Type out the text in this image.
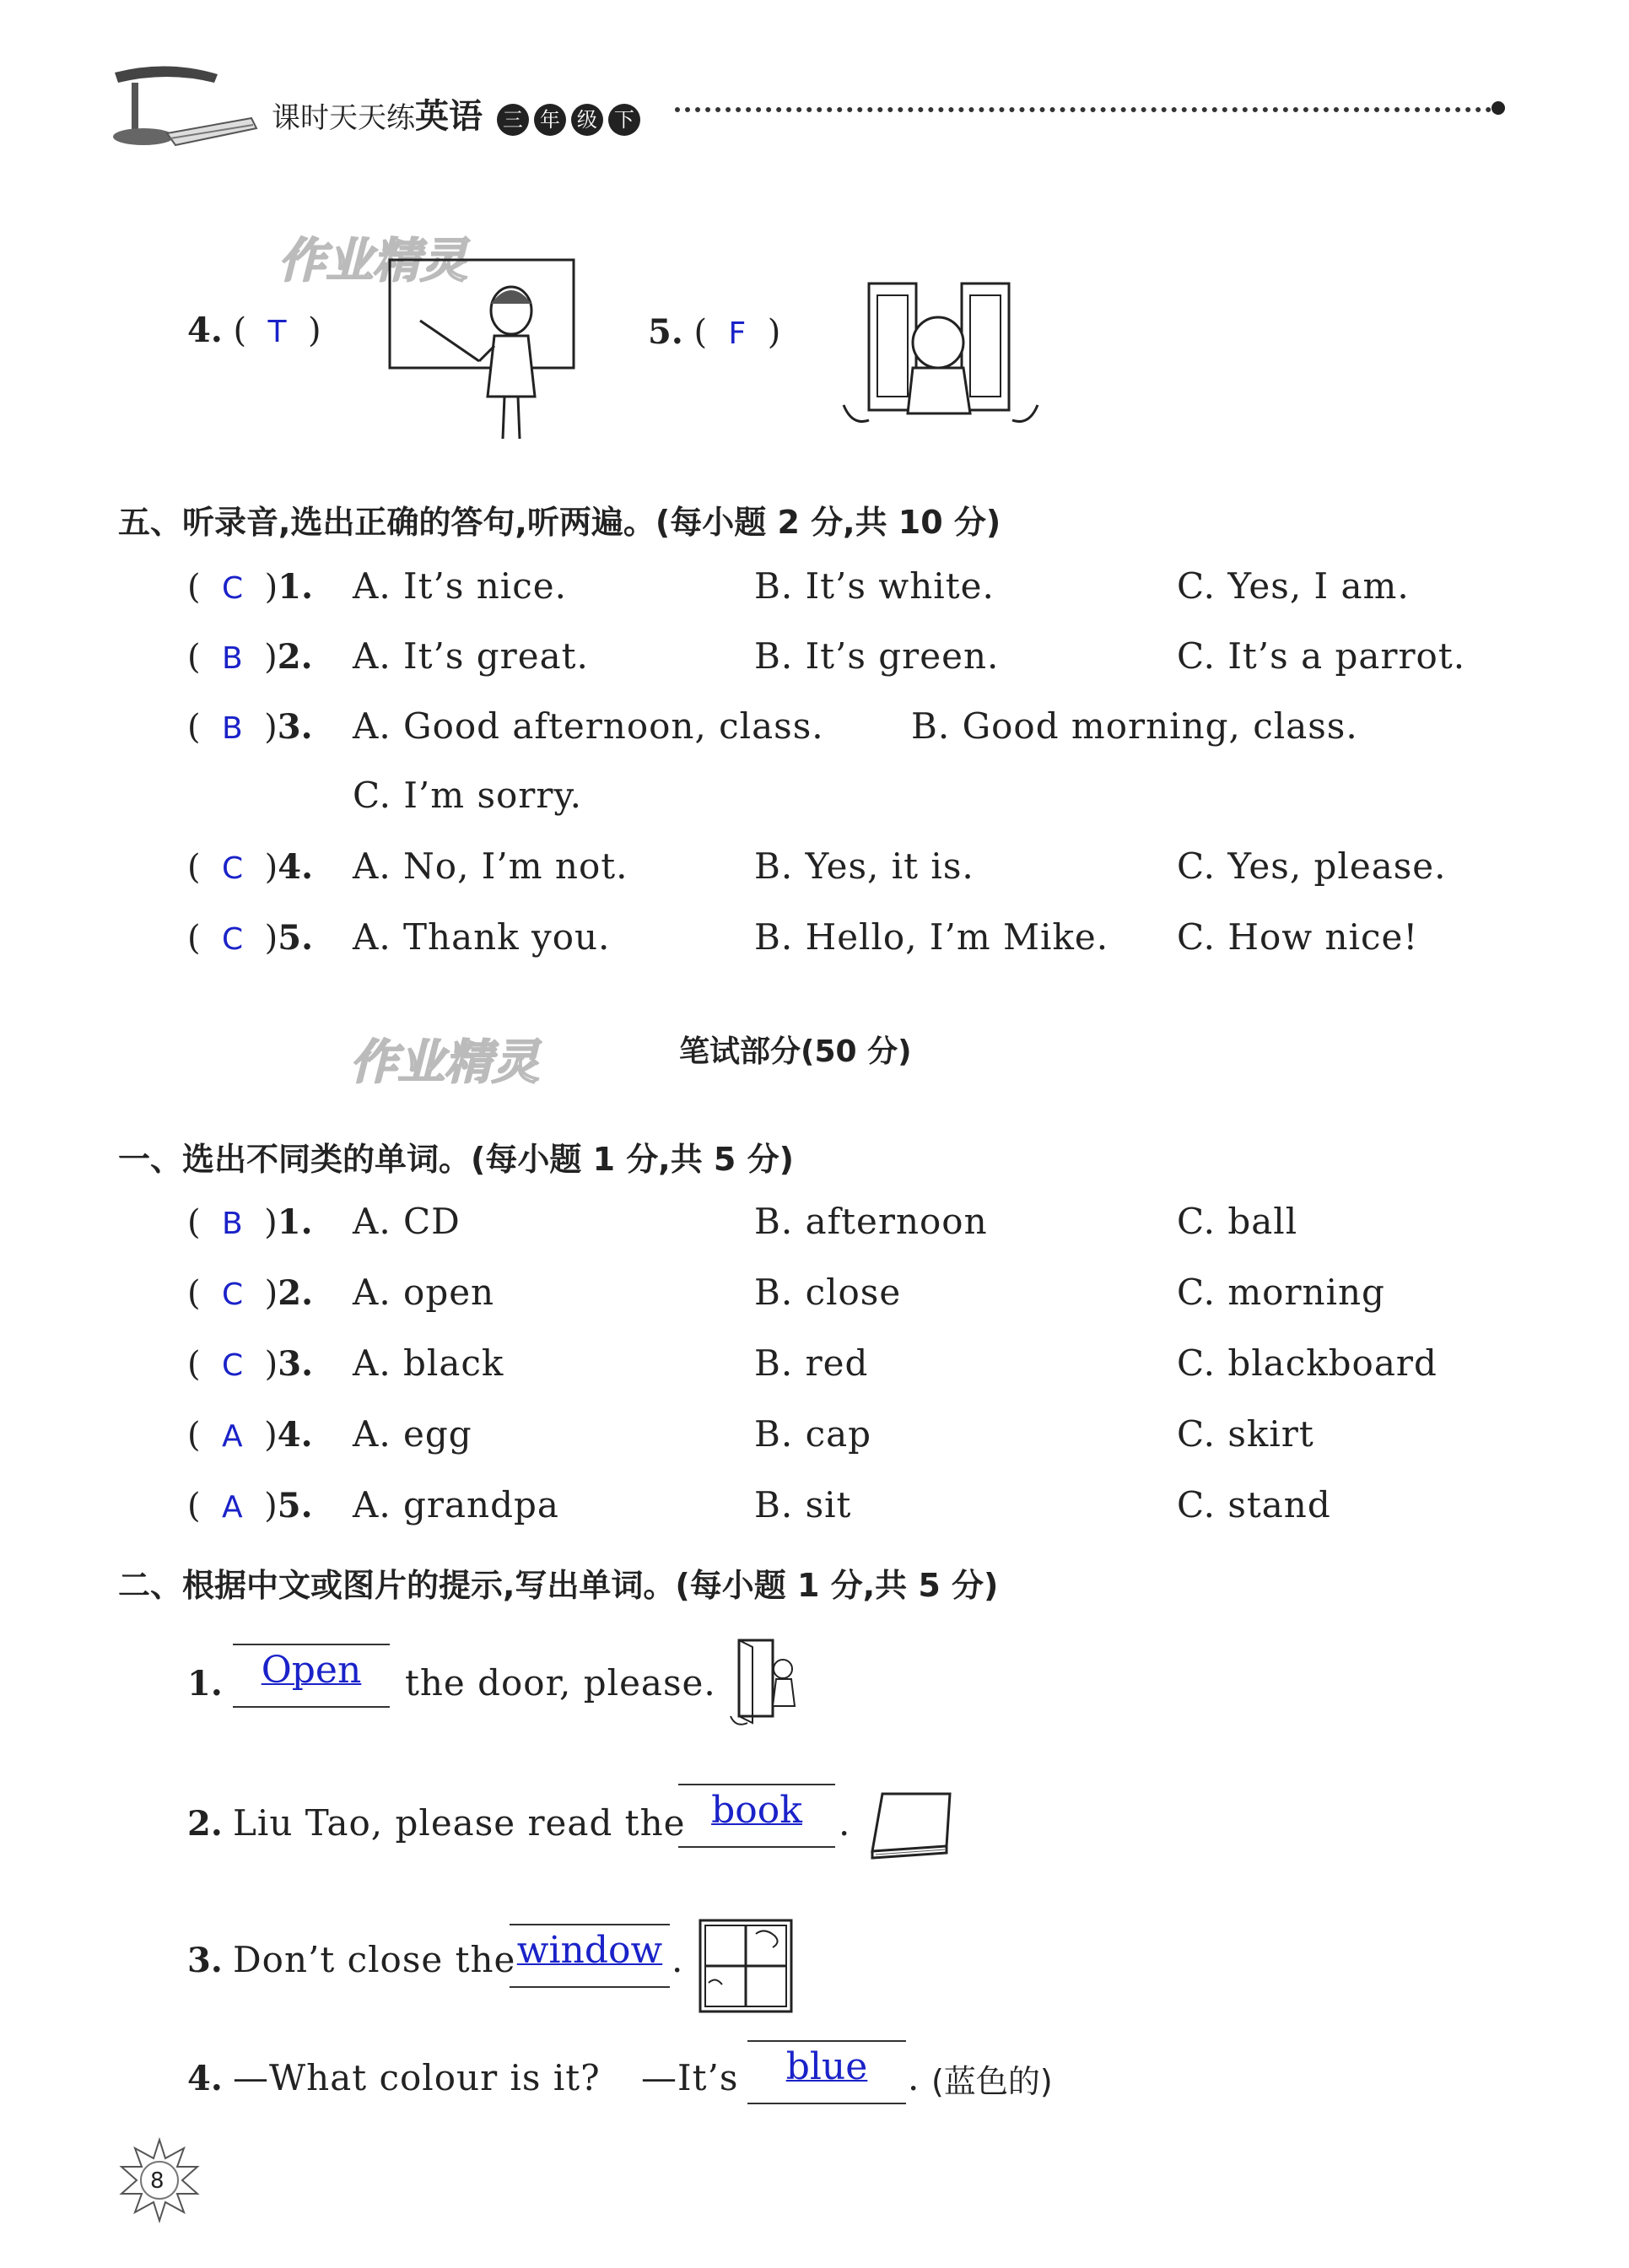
课时天天练英语 三 年 级 下
作业精灵
作业精灵
4. ( T )	5. ( F )
五、听录音,选出正确的答句,听两遍。(每小题 2 分,共 10 分)
(  C  )1. A. It’s nice.	B. It’s white.	C. Yes, I am.
(  B  )2. A. It’s great.	B. It’s green.	C. It’s a parrot.
(  B  )3. A. Good afternoon, class. B. Good morning, class.
C. I’m sorry.
(  C  )4. A. No, I’m not.	B. Yes, it is.	C. Yes, please.
(  C  )5. A. Thank you.	B. Hello, I’m Mike. C. How nice!
笔试部分(50 分)
一、选出不同类的单词。(每小题 1 分,共 5 分)
(  B  )1. A. CD	B. afternoon	C. ball
(  C  )2. A. open	B. close	C. morning
(  C  )3. A. black	B. red	C. blackboard
(  A  )4. A. egg	B. cap	C. skirt
(  A  )5. A. grandpa	B. sit	C. stand
二、根据中文或图片的提示,写出单词。(每小题 1 分,共 5 分)
1.	Open	the door, please.
2. Liu Tao, please read the book	.
3. Don’t close the window .
4. —What colour is it? —It’s	blue	. (蓝色的)
8
